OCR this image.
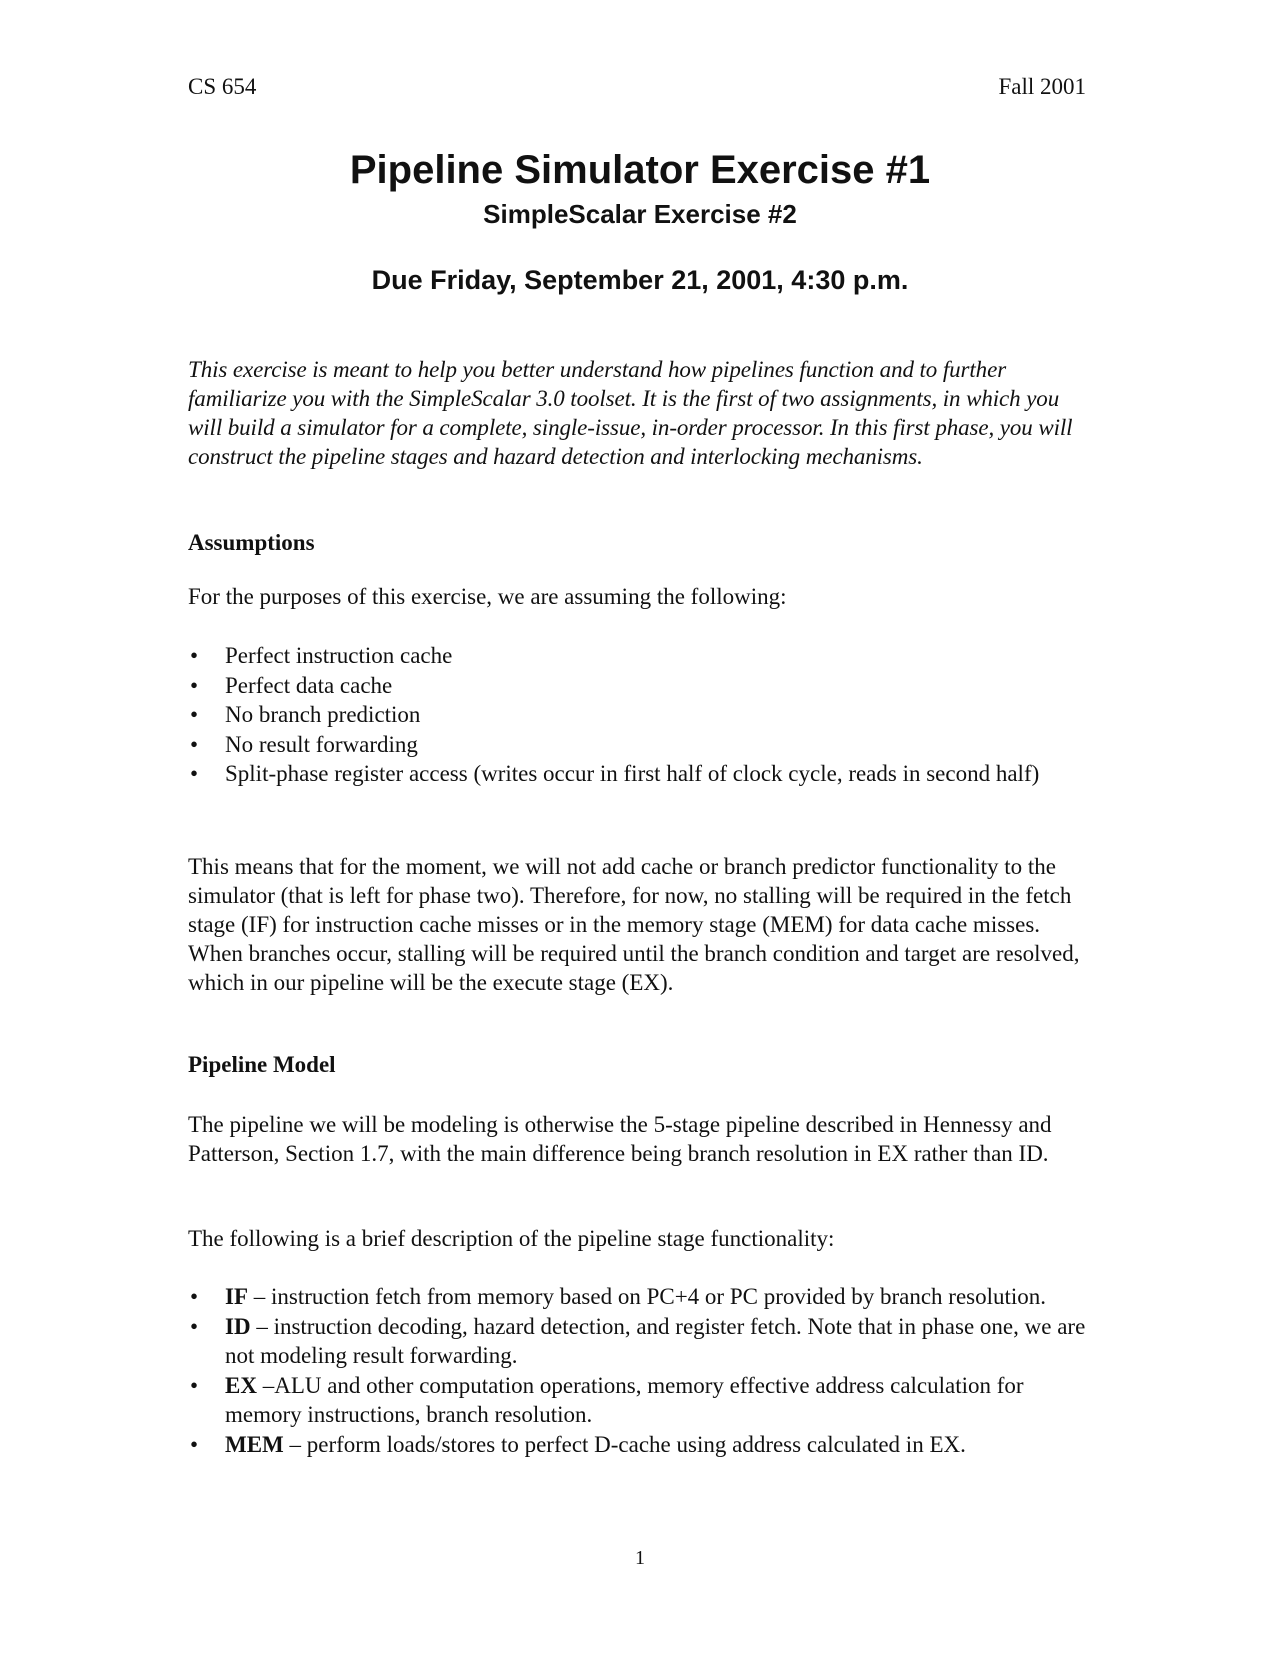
CS 654	Fall 2001
Pipeline Simulator Exercise #1
SimpleScalar Exercise #2
Due Friday, September 21, 2001, 4:30 p.m.
This exercise is meant to help you better understand how pipelines function and to further familiarize you with the SimpleScalar 3.0 toolset. It is the first of two assignments, in which you will build a simulator for a complete, single-issue, in-order processor. In this first phase, you will construct the pipeline stages and hazard detection and interlocking mechanisms.
Assumptions
For the purposes of this exercise, we are assuming the following:
• Perfect instruction cache
• Perfect data cache
• No branch prediction
• No result forwarding
• Split-phase register access (writes occur in first half of clock cycle, reads in second half)
This means that for the moment, we will not add cache or branch predictor functionality to the simulator (that is left for phase two). Therefore, for now, no stalling will be required in the fetch stage (IF) for instruction cache misses or in the memory stage (MEM) for data cache misses. When branches occur, stalling will be required until the branch condition and target are resolved, which in our pipeline will be the execute stage (EX).
Pipeline Model
The pipeline we will be modeling is otherwise the 5-stage pipeline described in Hennessy and Patterson, Section 1.7, with the main difference being branch resolution in EX rather than ID.
The following is a brief description of the pipeline stage functionality:
• IF – instruction fetch from memory based on PC+4 or PC provided by branch resolution.
• ID – instruction decoding, hazard detection, and register fetch. Note that in phase one, we are not modeling result forwarding.
• EX –ALU and other computation operations, memory effective address calculation for memory instructions, branch resolution.
• MEM – perform loads/stores to perfect D-cache using address calculated in EX.
1
